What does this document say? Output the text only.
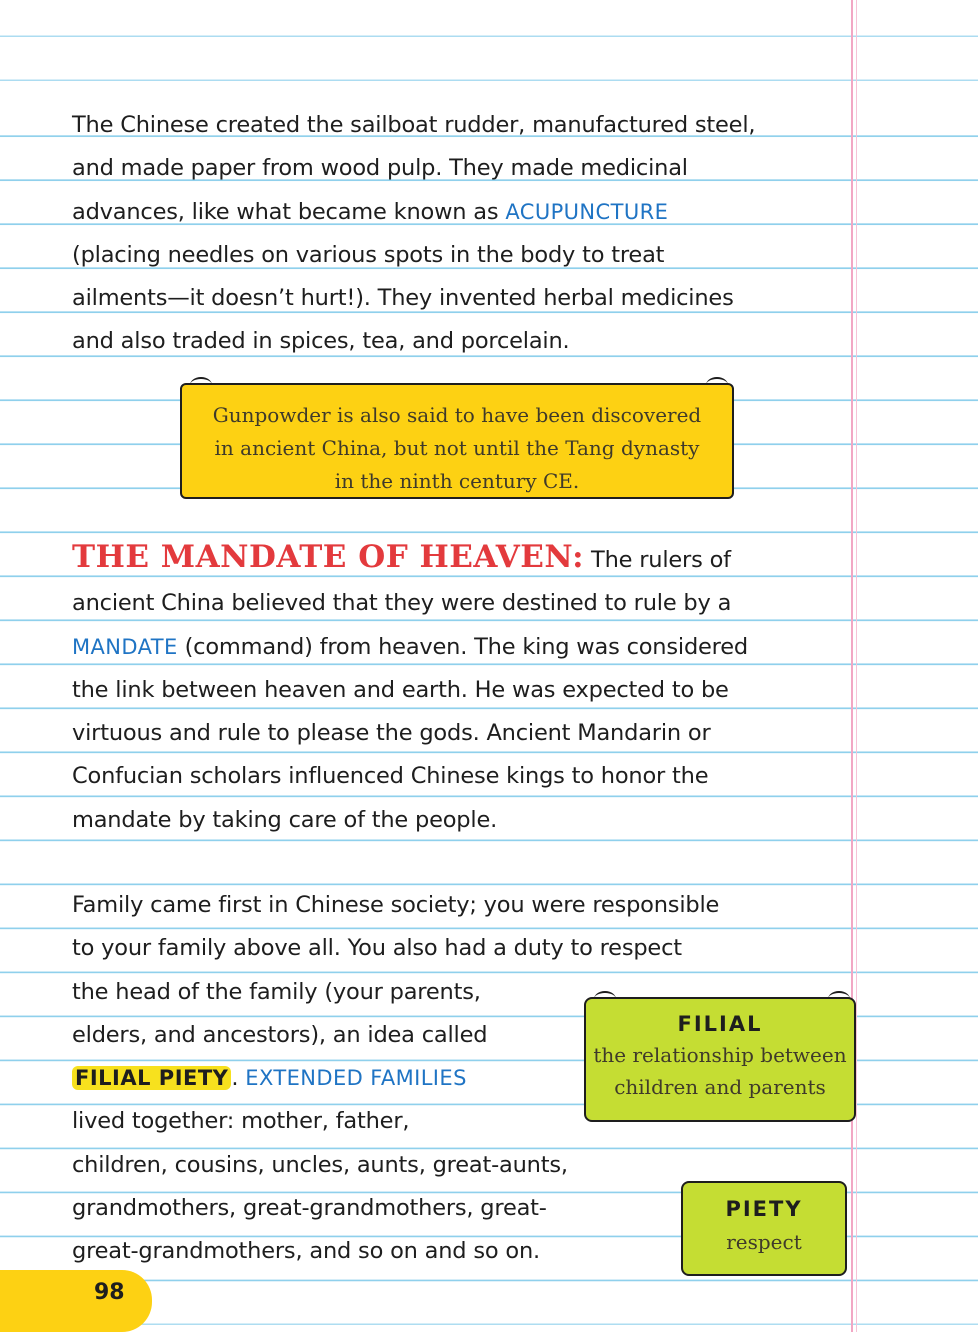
The Chinese created the sailboat rudder, manufactured steel,
and made paper from wood pulp. They made medicinal
advances, like what became known as ACUPUNCTURE
(placing needles on various spots in the body to treat
ailments—it doesn’t hurt!). They invented herbal medicines
and also traded in spices, tea, and porcelain.

Gunpowder is also said to have been discovered
in ancient China, but not until the Tang dynasty
in the ninth century CE.

THE MANDATE OF HEAVEN: The rulers of
ancient China believed that they were destined to rule by a
MANDATE (command) from heaven. The king was considered
the link between heaven and earth. He was expected to be
virtuous and rule to please the gods. Ancient Mandarin or
Confucian scholars influenced Chinese kings to honor the
mandate by taking care of the people.

Family came first in Chinese society; you were responsible
to your family above all. You also had a duty to respect
the head of the family (your parents,
elders, and ancestors), an idea called
FILIAL PIETY . EXTENDED FAMILIES
lived together: mother, father,
children, cousins, uncles, aunts, great-aunts,
grandmothers, great-grandmothers, great-
great-grandmothers, and so on and so on.

FILIAL
the relationship between
children and parents
PIETY
respect
98
